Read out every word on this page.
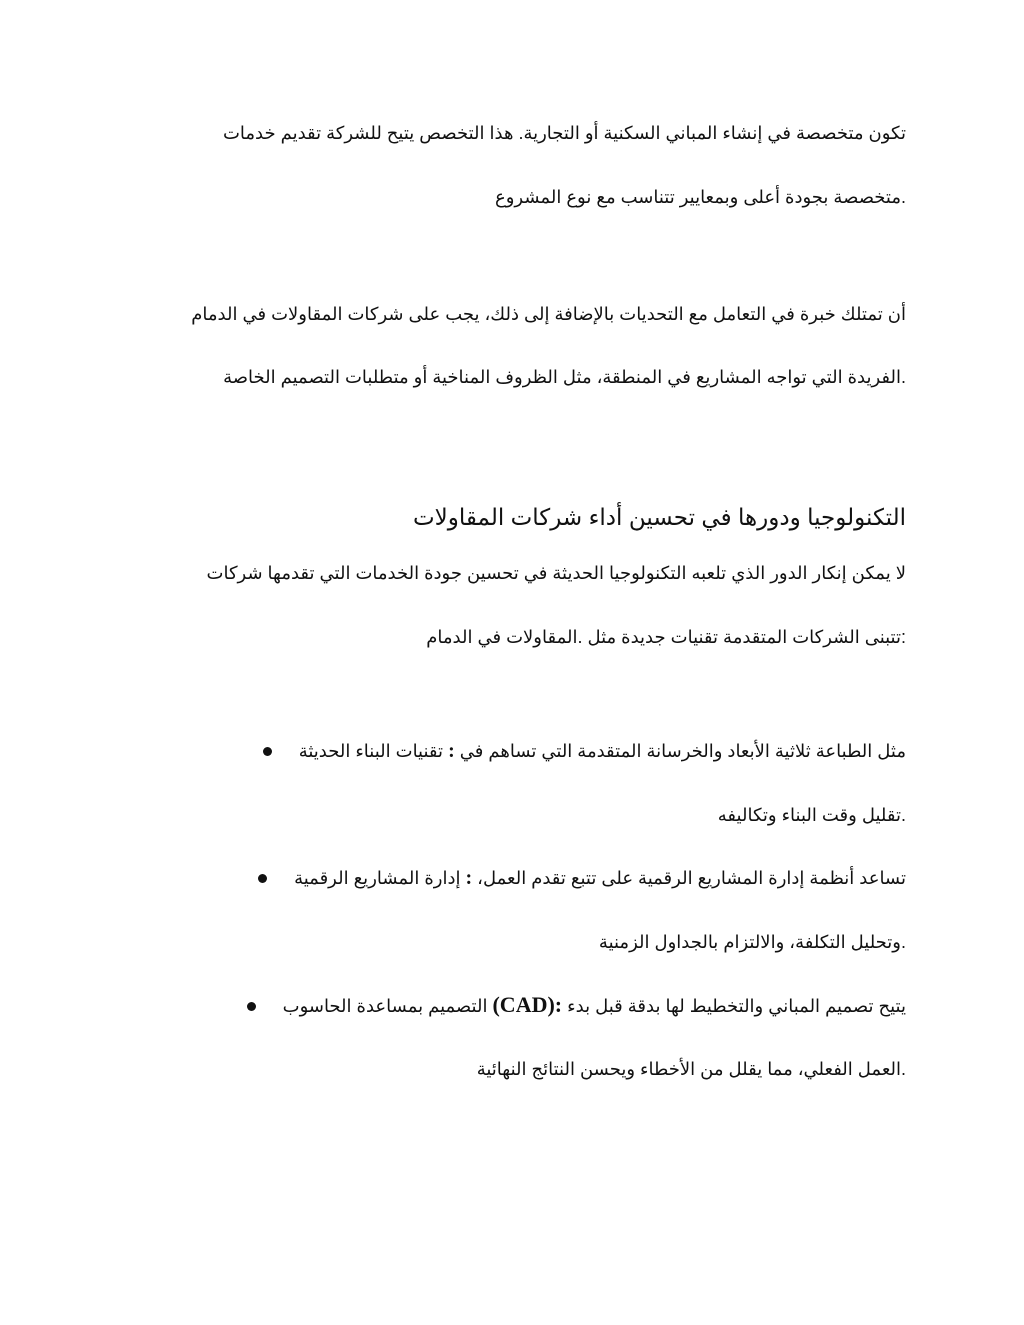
تكون متخصصة في إنشاء المباني السكنية أو التجارية. هذا التخصص يتيح للشركة تقديم خدمات
.متخصصة بجودة أعلى وبمعايير تتناسب مع نوع المشروع
أن تمتلك خبرة في التعامل مع التحديات بالإضافة إلى ذلك، يجب على شركات المقاولات في الدمام
.الفريدة التي تواجه المشاريع في المنطقة، مثل الظروف المناخية أو متطلبات التصميم الخاصة
التكنولوجيا ودورها في تحسين أداء شركات المقاولات
لا يمكن إنكار الدور الذي تلعبه التكنولوجيا الحديثة في تحسين جودة الخدمات التي تقدمها شركات
:تتبنى الشركات المتقدمة تقنيات جديدة مثل .المقاولات في الدمام
مثل الطباعة ثلاثية الأبعاد والخرسانة المتقدمة التي تساهم في : تقنيات البناء الحديثة
.تقليل وقت البناء وتكاليفه
تساعد أنظمة إدارة المشاريع الرقمية على تتبع تقدم العمل، : إدارة المشاريع الرقمية
.وتحليل التكلفة، والالتزام بالجداول الزمنية
يتيح تصميم المباني والتخطيط لها بدقة قبل بدء (CAD): التصميم بمساعدة الحاسوب
.العمل الفعلي، مما يقلل من الأخطاء ويحسن النتائج النهائية
